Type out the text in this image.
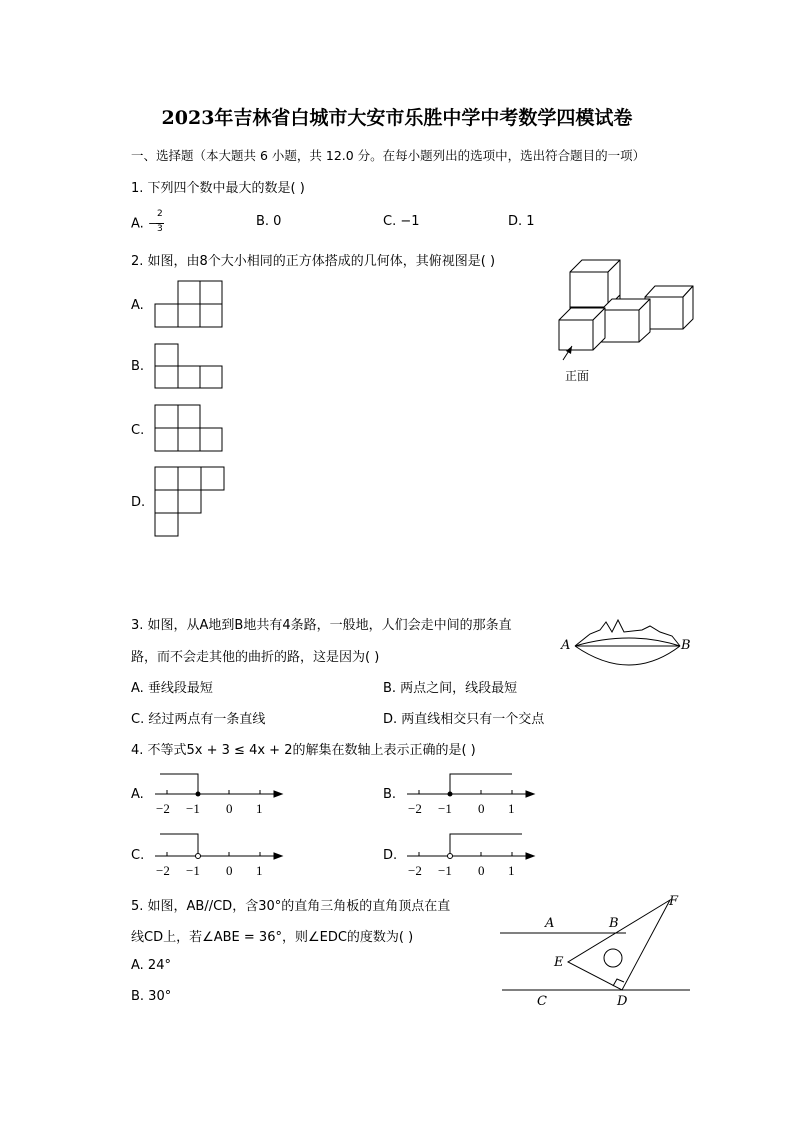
2023年吉林省白城市大安市乐胜中学中考数学四模试卷
一、选择题（本大题共 6 小题，共 12.0 分。在每小题列出的选项中，选出符合题目的一项）
1. 下列四个数中最大的数是( )
A. −
2
3	B. 0	C. −1	D. 1
2. 如图，由8个大小相同的正方体搭成的几何体，其俯视图是( )
A.
B.
C.
D.
正面
3. 如图，从A地到B地共有4条路，一般地，人们会走中间的那条直
路，而不会走其他的曲折的路，这是因为( )
A	B
A. 垂线段最短	B. 两点之间，线段最短
C. 经过两点有一条直线	D. 两直线相交只有一个交点
4. 不等式5x + 3 ≤ 4x + 2的解集在数轴上表示正确的是( )
A.
−2 −1 0 1
B.
−2 −1 0 1
C.
−2 −1 0 1
D.
−2 −1 0 1
5. 如图，AB//CD，含30°的直角三角板的直角顶点在直
线CD上，若∠ABE = 36°，则∠EDC的度数为( )
A. 24°
B. 30°
A	B
F
E
C	D
